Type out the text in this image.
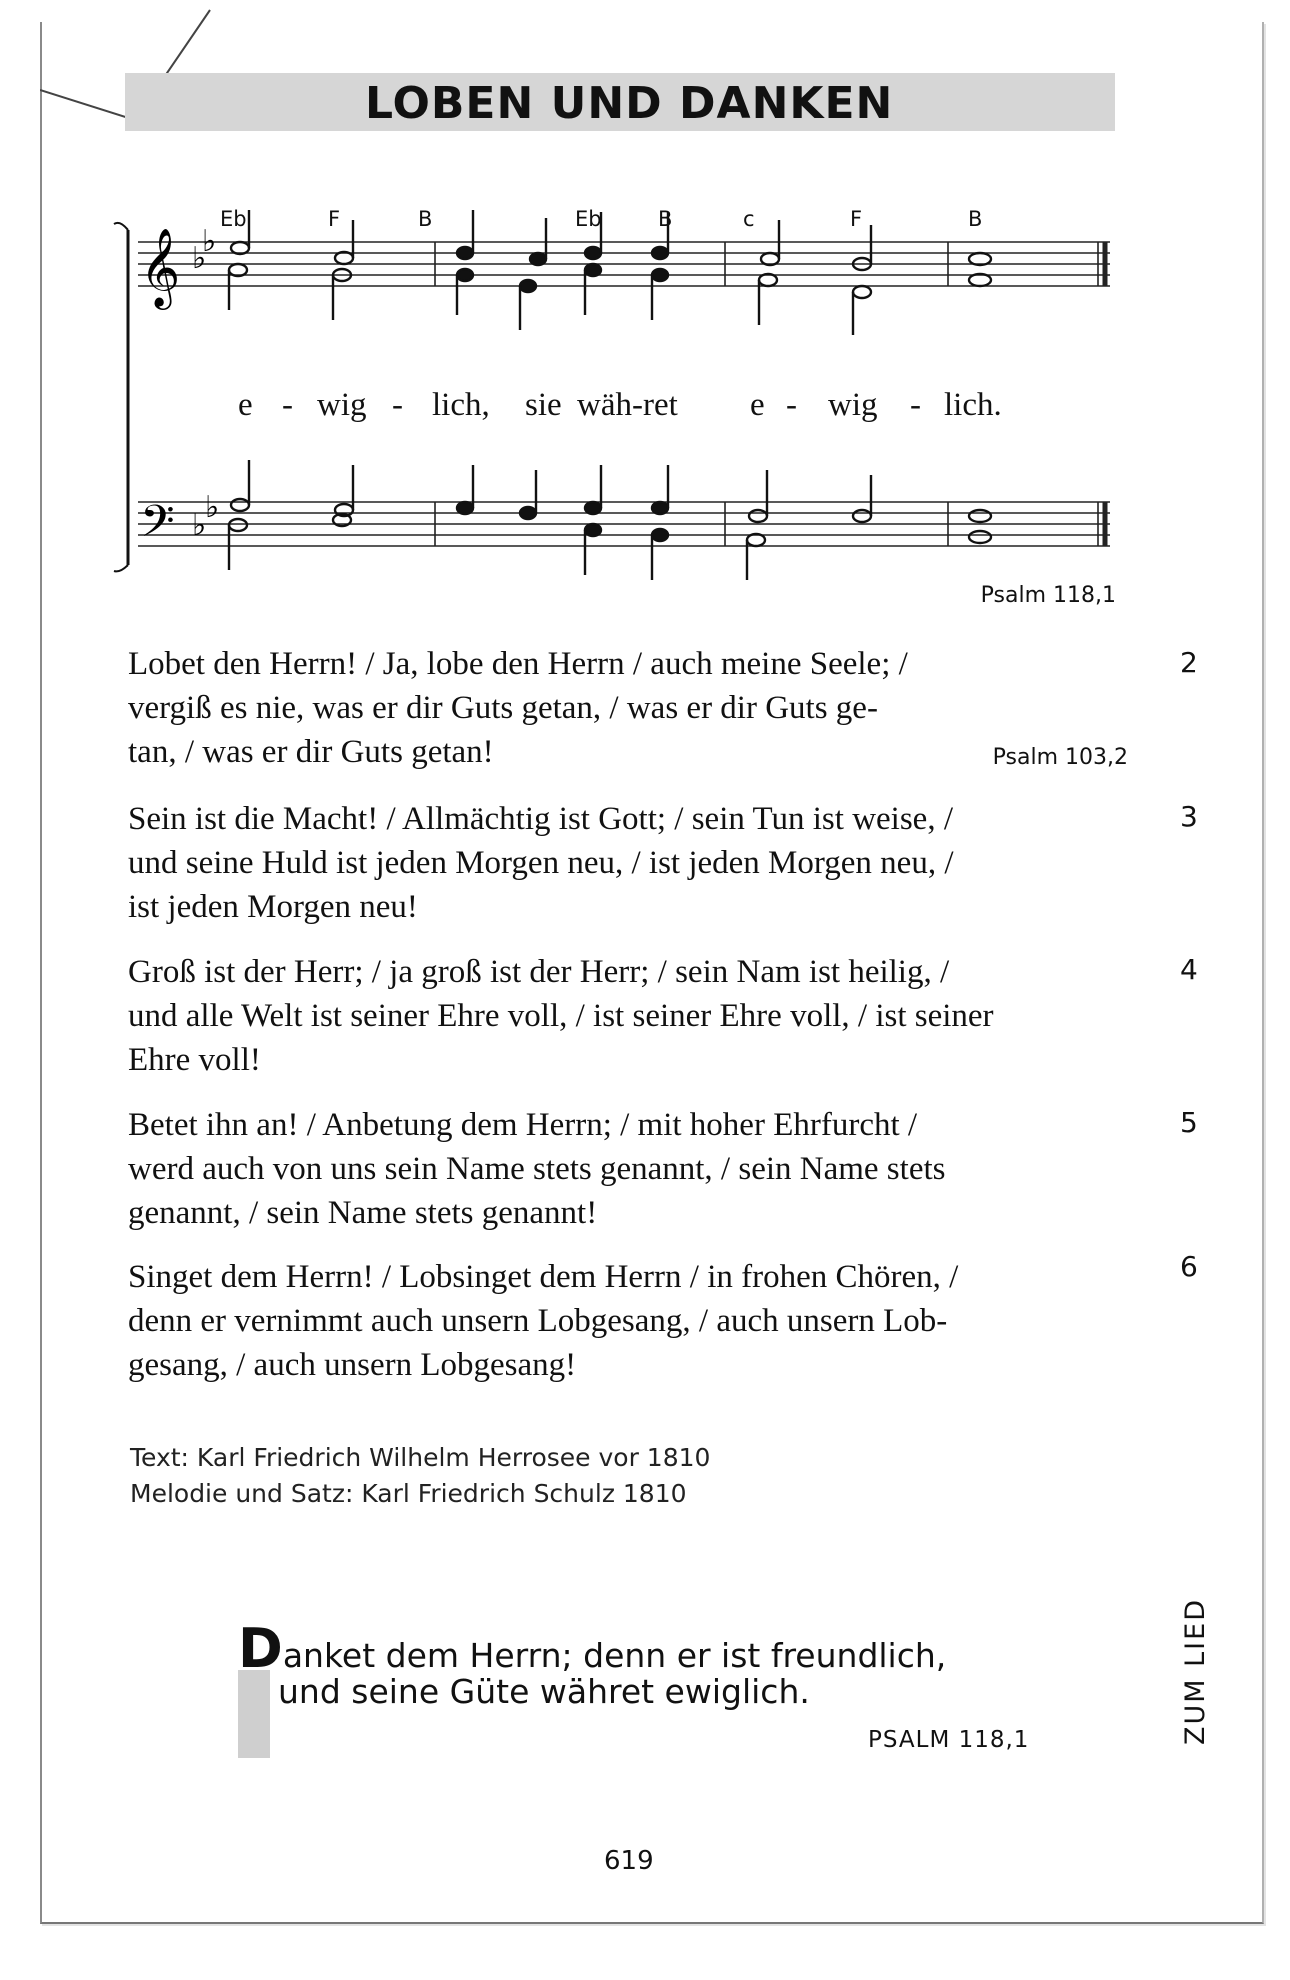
LOBEN UND DANKEN
Eb	F	B	Eb	B	c	F	B
𝄞 ♭
♭
e - wig - lich, sie wäh-ret e - wig - lich.
𝄢 ♭
♭
Psalm 118,1
Lobet den Herrn! / Ja, lobe den Herrn / auch meine Seele; /
vergiß es nie, was er dir Guts getan, / was er dir Guts ge-
tan, / was er dir Guts getan!	Psalm 103,2
2
Sein ist die Macht! / Allmächtig ist Gott; / sein Tun ist weise, /
und seine Huld ist jeden Morgen neu, / ist jeden Morgen neu, /
ist jeden Morgen neu!
3
Groß ist der Herr; / ja groß ist der Herr; / sein Nam ist heilig, /
und alle Welt ist seiner Ehre voll, / ist seiner Ehre voll, / ist seiner
Ehre voll!
4
Betet ihn an! / Anbetung dem Herrn; / mit hoher Ehrfurcht /
werd auch von uns sein Name stets genannt, / sein Name stets
genannt, / sein Name stets genannt!
5
Singet dem Herrn! / Lobsinget dem Herrn / in frohen Chören, /
denn er vernimmt auch unsern Lobgesang, / auch unsern Lob-
gesang, / auch unsern Lobgesang!
6
Text: Karl Friedrich Wilhelm Herrosee vor 1810
Melodie und Satz: Karl Friedrich Schulz 1810
Danket dem Herrn; denn er ist freundlich,
und seine Güte währet ewiglich.
PSALM 118,1	ZUM LIED
619
